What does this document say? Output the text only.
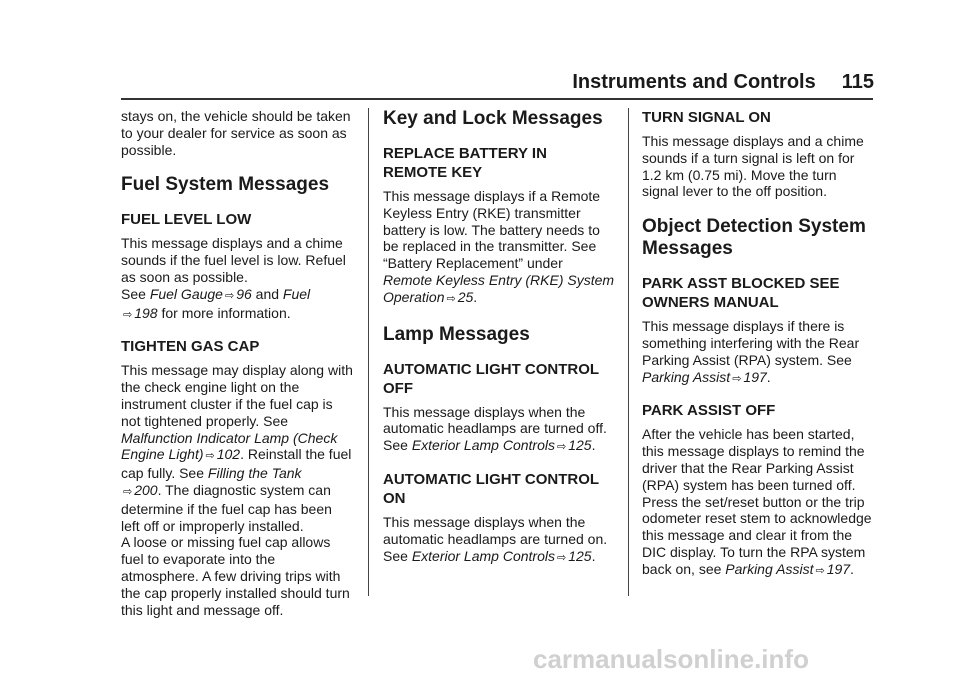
Instruments and Controls 115

stays on, the vehicle should be taken to your dealer for service as soon as possible.

Fuel System Messages
FUEL LEVEL LOW

This message displays and a chime sounds if the fuel level is low. Refuel as soon as possible.
See Fuel Gauge ⇨ 96 and Fuel
⇨ 198 for more information.

TIGHTEN GAS CAP

This message may display along with the check engine light on the instrument cluster if the fuel cap is not tightened properly. See Malfunction Indicator Lamp (Check Engine Light) ⇨ 102. Reinstall the fuel cap fully. See Filling the Tank
⇨ 200. The diagnostic system can determine if the fuel cap has been left off or improperly installed.

A loose or missing fuel cap allows fuel to evaporate into the atmosphere. A few driving trips with the cap properly installed should turn this light and message off.

Key and Lock Messages
REPLACE BATTERY IN REMOTE KEY

This message displays if a Remote Keyless Entry (RKE) transmitter battery is low. The battery needs to be replaced in the transmitter. See “Battery Replacement” under Remote Keyless Entry (RKE) System Operation ⇨ 25.

Lamp Messages
AUTOMATIC LIGHT CONTROL OFF

This message displays when the automatic headlamps are turned off. See Exterior Lamp Controls ⇨ 125.

AUTOMATIC LIGHT CONTROL ON

This message displays when the automatic headlamps are turned on. See Exterior Lamp Controls ⇨ 125.

TURN SIGNAL ON

This message displays and a chime sounds if a turn signal is left on for 1.2 km (0.75 mi). Move the turn signal lever to the off position.

Object Detection System Messages
PARK ASST BLOCKED SEE OWNERS MANUAL

This message displays if there is something interfering with the Rear Parking Assist (RPA) system. See Parking Assist ⇨ 197.

PARK ASSIST OFF

After the vehicle has been started, this message displays to remind the driver that the Rear Parking Assist (RPA) system has been turned off. Press the set/reset button or the trip odometer reset stem to acknowledge this message and clear it from the DIC display. To turn the RPA system back on, see Parking Assist ⇨ 197.

carmanualsonline.info
